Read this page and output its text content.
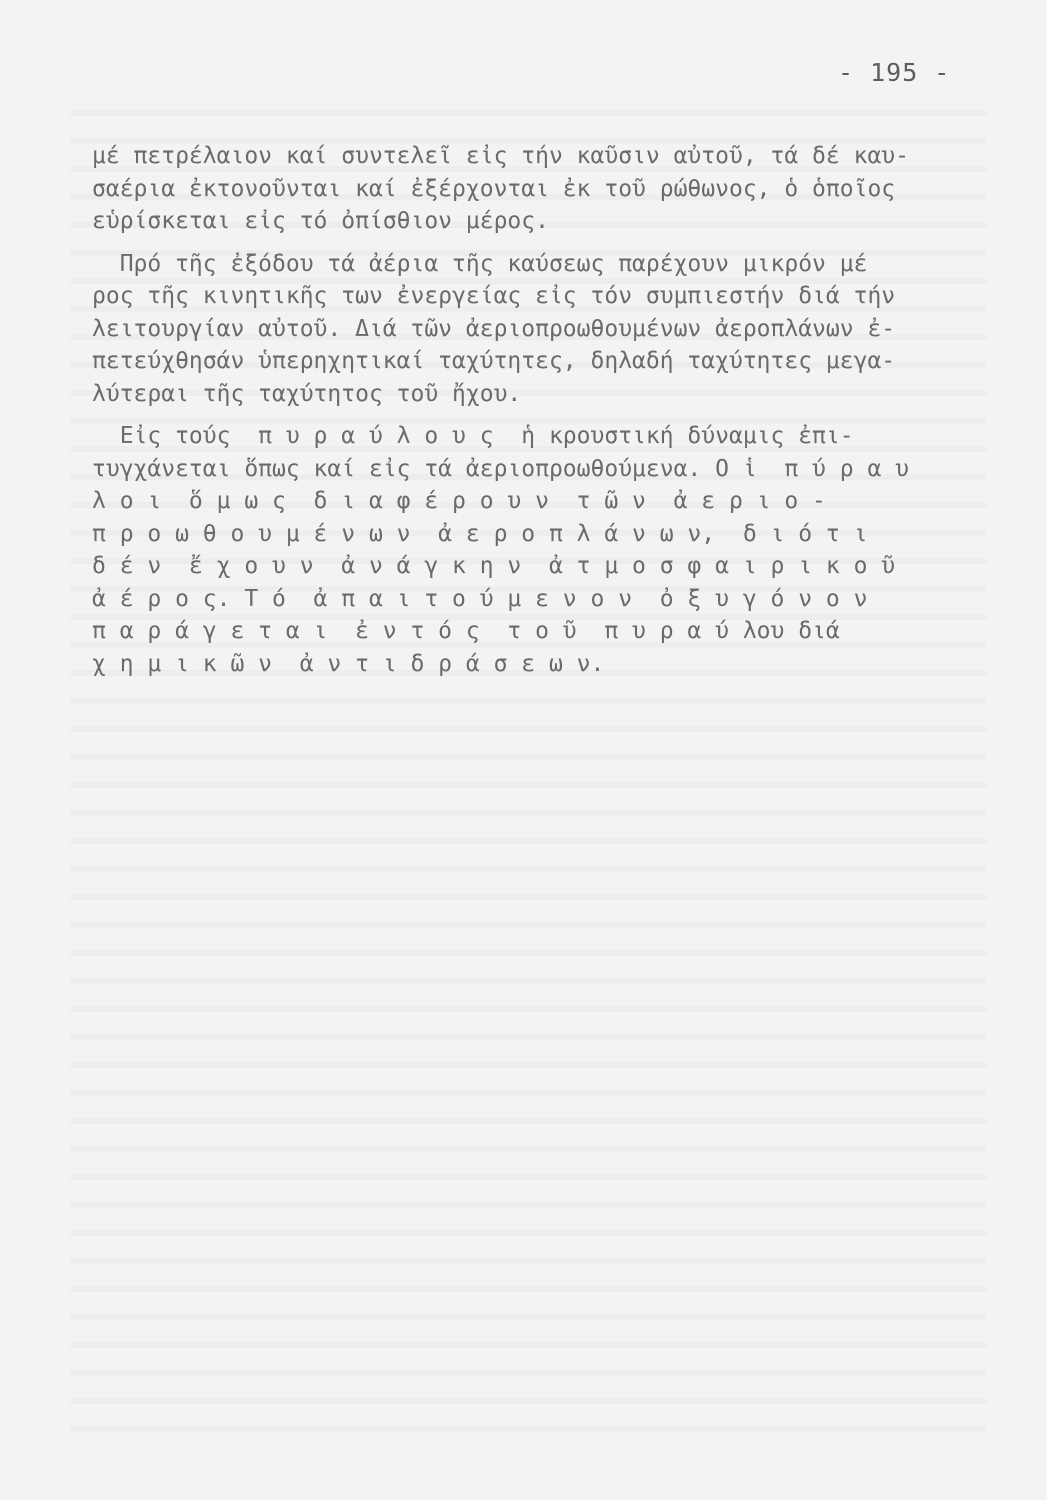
- 195 -
μέ πετρέλαιον καί συντελεῖ εἰς τήν καῦσιν αὐτοῦ, τά δέ καυ-
σαέρια ἐκτονοῦνται καί ἐξέρχονται ἐκ τοῦ ρώθωνος, ὁ ὁποῖος
εὑρίσκεται εἰς τό ὀπίσθιον μέρος.
Πρό τῆς ἐξόδου τά ἀέρια τῆς καύσεως παρέχουν μικρόν μέ
ρος τῆς κινητικῆς των ἐνεργείας εἰς τόν συμπιεστήν διά τήν
λειτουργίαν αὐτοῦ. Διά τῶν ἀεριοπροωθουμένων ἀεροπλάνων ἐ-
πετεύχθησάν ὑπερηχητικαί ταχύτητες, δηλαδή ταχύτητες μεγα-
λύτεραι τῆς ταχύτητος τοῦ ἤχου.
Εἰς τούς  π υ ρ α ύ λ ο υ ς  ἡ κρουστική δύναμις ἐπι-
τυγχάνεται ὅπως καί εἰς τά ἀεριοπροωθούμενα. Ο ἱ  π ύ ρ α υ
λ ο ι  ὅ μ ω ς  δ ι α φ έ ρ ο υ ν  τ ῶ ν  ἀ ε ρ ι ο -
π ρ ο ω θ ο υ μ έ ν ω ν  ἀ ε ρ ο π λ ά ν ω ν,  δ ι ό τ ι
δ έ ν  ἔ χ ο υ ν  ἀ ν ά γ κ η ν  ἀ τ μ ο σ φ α ι ρ ι κ ο ῦ
ἀ έ ρ ο ς. Τ ό  ἀ π α ι τ ο ύ μ ε ν ο ν  ὀ ξ υ γ ό ν ο ν
π α ρ ά γ ε τ α ι  ἐ ν τ ό ς  τ ο ῦ  π υ ρ α ύ λου διά
χ η μ ι κ ῶ ν  ἀ ν τ ι δ ρ ά σ ε ω ν.
